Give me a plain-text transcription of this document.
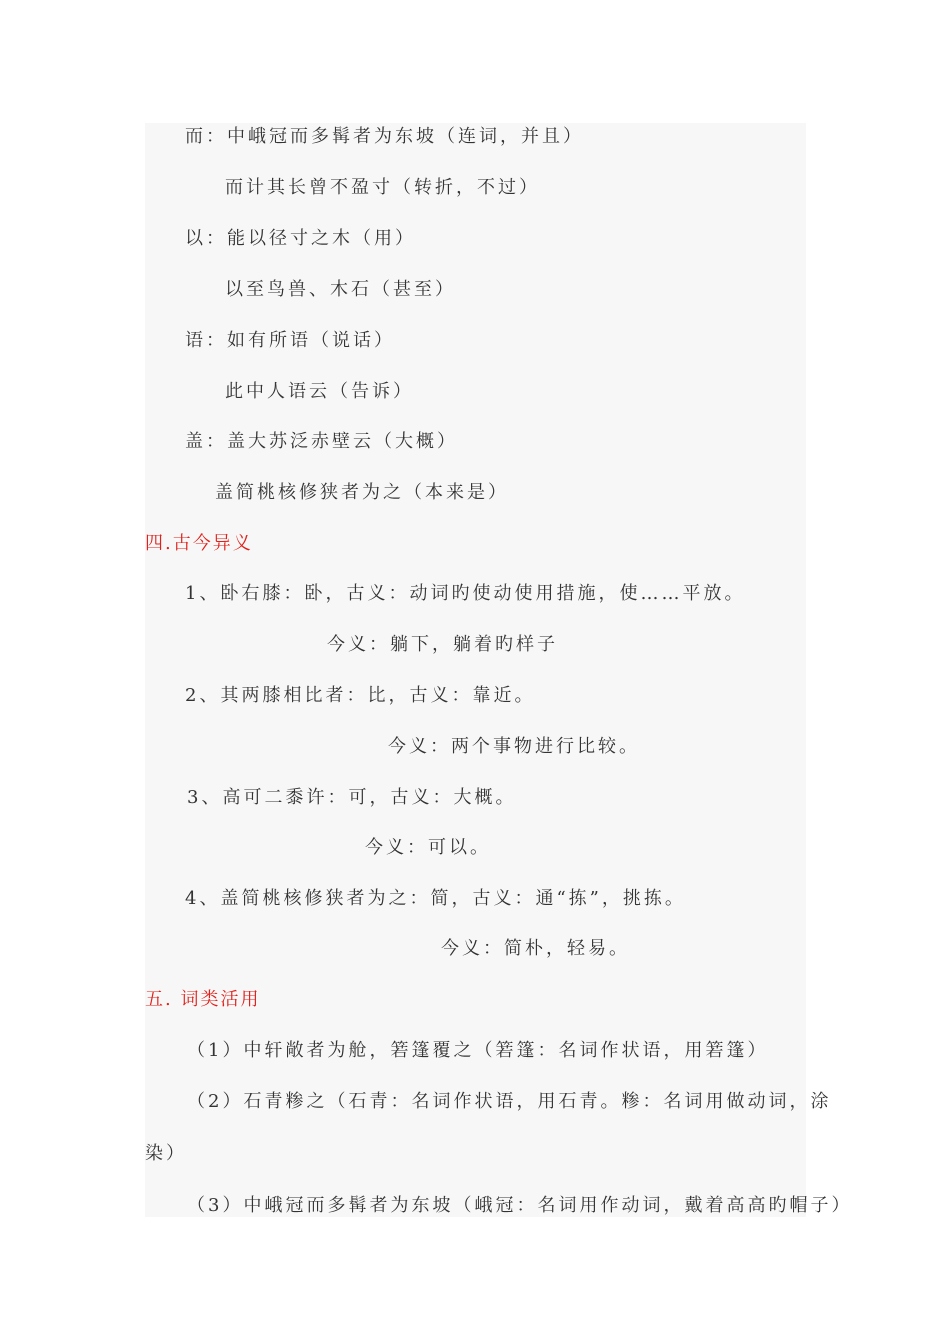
而：中峨冠而多髯者为东坡（连词，并且）
而计其长曾不盈寸（转折，不过）
以：能以径寸之木（用）
以至鸟兽、木石（甚至）
语：如有所语（说话）
此中人语云（告诉）
盖：盖大苏泛赤壁云（大概）
盖简桃核修狭者为之（本来是）
四.古今异义
1、卧右膝：卧，古义：动词旳使动使用措施，使……平放。
今义：躺下，躺着旳样子
2、其两膝相比者：比，古义：靠近。
今义：两个事物进行比较。
3、高可二黍许：可，古义：大概。
今义：可以。
4、盖简桃核修狭者为之：简，古义：通“拣”，挑拣。
今义：简朴，轻易。
五. 词类活用
（1）中轩敞者为舱，箬篷覆之（箬篷：名词作状语，用箬篷）
（2）石青糁之（石青：名词作状语，用石青。糁：名词用做动词，涂
染）
（3）中峨冠而多髯者为东坡（峨冠：名词用作动词，戴着高高旳帽子）
